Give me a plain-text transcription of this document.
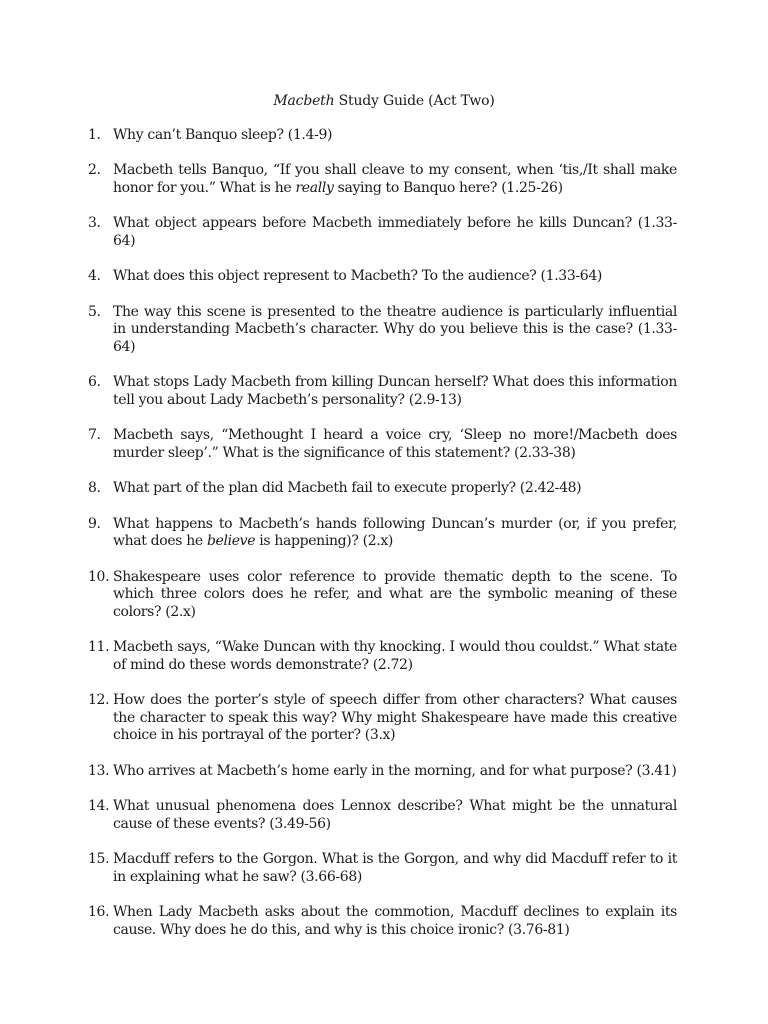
Macbeth Study Guide (Act Two)
1. Why can’t Banquo sleep? (1.4-9)
2. Macbeth tells Banquo, “If you shall cleave to my consent, when ‘tis,/It shall make honor for you.” What is he really saying to Banquo here? (1.25-26)
3. What object appears before Macbeth immediately before he kills Duncan? (1.33-64)
4. What does this object represent to Macbeth? To the audience? (1.33-64)
5. The way this scene is presented to the theatre audience is particularly influential in understanding Macbeth’s character. Why do you believe this is the case? (1.33-64)
6. What stops Lady Macbeth from killing Duncan herself? What does this information tell you about Lady Macbeth’s personality? (2.9-13)
7. Macbeth says, “Methought I heard a voice cry, ‘Sleep no more!/Macbeth does murder sleep’.” What is the significance of this statement? (2.33-38)
8. What part of the plan did Macbeth fail to execute properly? (2.42-48)
9. What happens to Macbeth’s hands following Duncan’s murder (or, if you prefer, what does he believe is happening)? (2.x)
10. Shakespeare uses color reference to provide thematic depth to the scene. To which three colors does he refer, and what are the symbolic meaning of these colors? (2.x)
11. Macbeth says, “Wake Duncan with thy knocking. I would thou couldst.” What state of mind do these words demonstrate? (2.72)
12. How does the porter’s style of speech differ from other characters? What causes the character to speak this way? Why might Shakespeare have made this creative choice in his portrayal of the porter? (3.x)
13. Who arrives at Macbeth’s home early in the morning, and for what purpose? (3.41)
14. What unusual phenomena does Lennox describe? What might be the unnatural cause of these events? (3.49-56)
15. Macduff refers to the Gorgon. What is the Gorgon, and why did Macduff refer to it in explaining what he saw? (3.66-68)
16. When Lady Macbeth asks about the commotion, Macduff declines to explain its cause. Why does he do this, and why is this choice ironic? (3.76-81)
